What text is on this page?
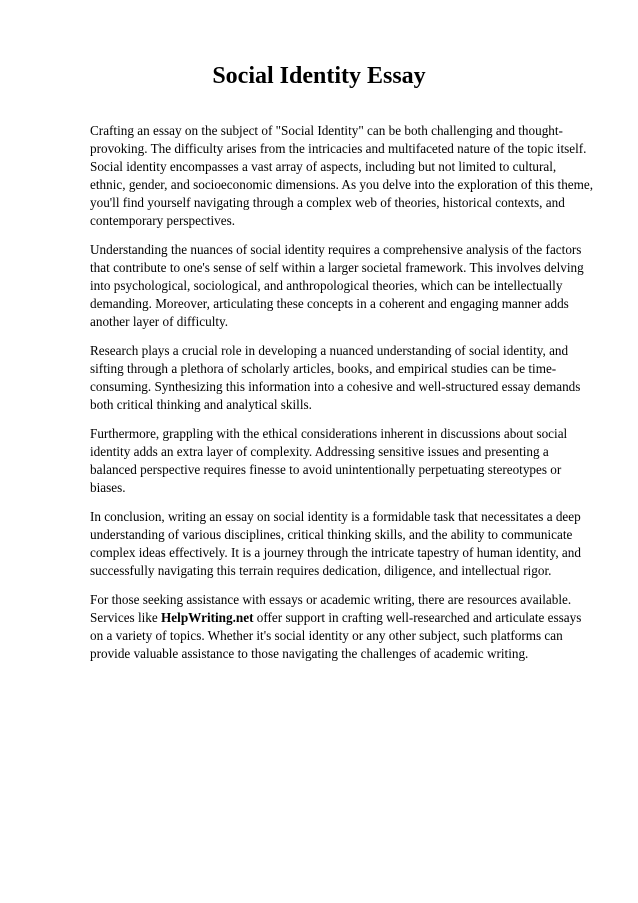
Social Identity Essay

Crafting an essay on the subject of "Social Identity" can be both challenging and thought-provoking. The difficulty arises from the intricacies and multifaceted nature of the topic itself. Social identity encompasses a vast array of aspects, including but not limited to cultural, ethnic, gender, and socioeconomic dimensions. As you delve into the exploration of this theme, you'll find yourself navigating through a complex web of theories, historical contexts, and contemporary perspectives.

Understanding the nuances of social identity requires a comprehensive analysis of the factors that contribute to one's sense of self within a larger societal framework. This involves delving into psychological, sociological, and anthropological theories, which can be intellectually demanding. Moreover, articulating these concepts in a coherent and engaging manner adds another layer of difficulty.

Research plays a crucial role in developing a nuanced understanding of social identity, and sifting through a plethora of scholarly articles, books, and empirical studies can be time-consuming. Synthesizing this information into a cohesive and well-structured essay demands both critical thinking and analytical skills.

Furthermore, grappling with the ethical considerations inherent in discussions about social identity adds an extra layer of complexity. Addressing sensitive issues and presenting a balanced perspective requires finesse to avoid unintentionally perpetuating stereotypes or biases.

In conclusion, writing an essay on social identity is a formidable task that necessitates a deep understanding of various disciplines, critical thinking skills, and the ability to communicate complex ideas effectively. It is a journey through the intricate tapestry of human identity, and successfully navigating this terrain requires dedication, diligence, and intellectual rigor.

For those seeking assistance with essays or academic writing, there are resources available. Services like HelpWriting.net offer support in crafting well-researched and articulate essays on a variety of topics. Whether it's social identity or any other subject, such platforms can provide valuable assistance to those navigating the challenges of academic writing.
